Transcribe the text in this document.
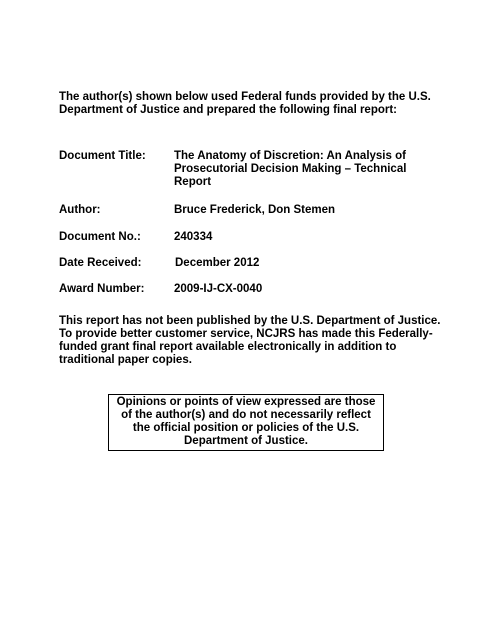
The author(s) shown below used Federal funds provided by the U.S.
Department of Justice and prepared the following final report:
Document Title: The Anatomy of Discretion: An Analysis of
Prosecutorial Decision Making – Technical
Report
Author:	Bruce Frederick, Don Stemen
Document No.:	240334
Date Received:	December 2012
Award Number:	2009-IJ-CX-0040
This report has not been published by the U.S. Department of Justice.
To provide better customer service, NCJRS has made this Federally-
funded grant final report available electronically in addition to
traditional paper copies.
Opinions or points of view expressed are those
of the author(s) and do not necessarily reflect
the official position or policies of the U.S.
Department of Justice.
